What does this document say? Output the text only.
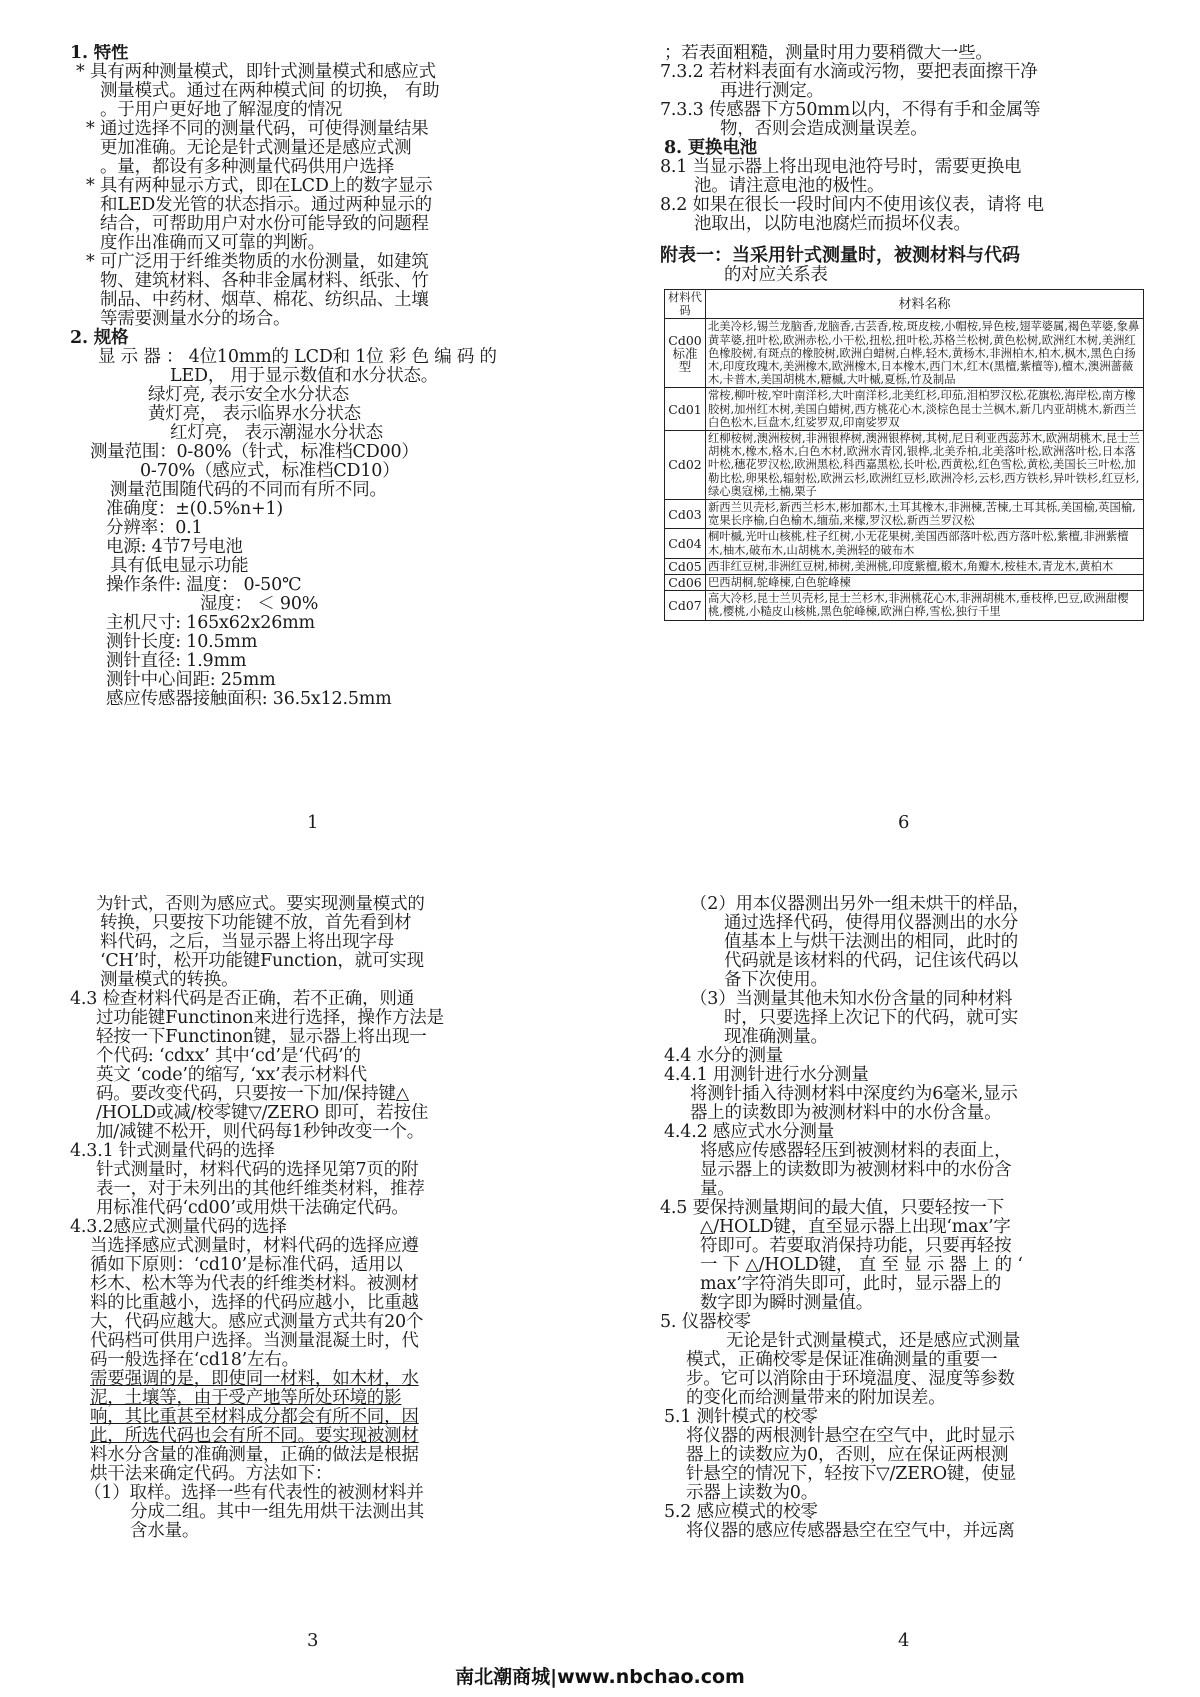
1. 特性
* 具有两种测量模式，即针式测量模式和感应式
测量模式。通过在两种模式间 的切换， 有助
。于用户更好地了解湿度的情况
* 通过选择不同的测量代码，可使得测量结果
更加准确。无论是针式测量还是感应式测
。量，都设有多种测量代码供用户选择
* 具有两种显示方式，即在LCD上的数字显示
和LED发光管的状态指示。通过两种显示的
结合，可帮助用户对水份可能导致的问题程
度作出准确而又可靠的判断。
* 可广泛用于纤维类物质的水份测量，如建筑
物、建筑材料、各种非金属材料、纸张、竹
制品、中药材、烟草、棉花、纺织品、土壤
等需要测量水分的场合。
2. 规格
显 示 器 ： 4位10mm的 LCD和 1位 彩 色 编 码 的
LED， 用于显示数值和水分状态。
绿灯亮, 表示安全水分状态
黄灯亮， 表示临界水分状态
红灯亮， 表示潮湿水分状态
测量范围：0-80%（针式，标准档CD00）
0-70%（感应式，标准档CD10）
测量范围随代码的不同而有所不同。
准确度：±(0.5%n+1)
分辨率：0.1
电源: 4节7号电池
具有低电显示功能
操作条件: 温度： 0-50℃
湿度： ＜ 90%
主机尺寸: 165x62x26mm
测针长度: 10.5mm
测针直径: 1.9mm
测针中心间距: 25mm
感应传感器接触面积: 36.5x12.5mm
1
；若表面粗糙，测量时用力要稍微大一些。
7.3.2 若材料表面有水滴或污物，要把表面擦干净
再进行测定。
7.3.3 传感器下方50mm以内，不得有手和金属等
物，否则会造成测量误差。
8. 更换电池
8.1 当显示器上将出现电池符号时，需要更换电
池。请注意电池的极性。
8.2 如果在很长一段时间内不使用该仪表，请将 电
池取出，以防电池腐烂而损坏仪表。
附表一：当采用针式测量时，被测材料与代码
的对应关系表
材料代码	材料名称
Cd00标准型	北美冷杉,锡兰龙脑香,龙脑香,古芸香,桉,斑皮桉,小帽桉,异色桉,翅苹婆属,褐色苹婆,象鼻黄苹婆,扭叶松,欧洲赤松,小干松,扭松,扭叶松,苏格兰松树,黄色松树,欧洲红木树,美洲红色橡胶树,有斑点的橡胶树,欧洲白蜡树,白桦,轻木,黄杨木,非洲柏木,柏木,枫木,黑色白扬木,印度玫瑰木,美洲橡木,欧洲橡木,日本橡木,西门木,红木(黑檀,紫檀等),檀木,澳洲蔷薇木,卡普木,美国胡桃木,糖槭,大叶槭,夏栎,竹及制品
Cd01	常桉,柳叶桉,窄叶南洋杉,大叶南洋杉,北美红杉,印茄,泪柏罗汉松,花旗松,海岸松,南方橡胶树,加州红木树,美国白蜡树,西方桃花心木,淡棕色昆士兰枫木,新几内亚胡桃木,新西兰白色松木,巨盘木,红娑罗双,印南娑罗双
Cd02	红柳桉树,澳洲桉树,非洲银桦树,澳洲银桦树,其树,尼日利亚西蕊苏木,欧洲胡桃木,昆士兰胡桃木,橡木,格木,白色木材,欧洲水青冈,银桦,北美乔柏,北美落叶松,欧洲落叶松,日本落叶松,穗花罗汉松,欧洲黑松,科西嘉黑松,长叶松,西黄松,红色雪松,黄松,美国长三叶松,加勒比松,卵果松,辐射松,欧洲云杉,欧洲红豆杉,欧洲冷杉,云杉,西方铁杉,异叶铁杉,红豆杉,绿心奥寇梯,土楠,栗子
Cd03	新西兰贝壳杉,新西兰杉木,彬加都木,土耳其橡木,非洲楝,苦楝,土耳其栎,美国榆,英国榆,宽果长序榆,白色榆木,缅茄,来檬,罗汉松,新西兰罗汉松
Cd04	桐叶槭,光叶山核桃,柱子红树,小无花果树,美国西部落叶松,西方落叶松,紫檀,非洲紫檀木,柚木,破布木,山胡桃木,美洲轻的破布木
Cd05	西非红豆树,非洲红豆树,柿树,美洲桃,印度紫檀,椴木,角瓣木,桉桂木,青龙木,黄柏木
Cd06	巴西胡桐,鸵峰楝,白色鸵峰楝
Cd07	高大冷杉,昆士兰贝壳杉,昆士兰杉木,非洲桃花心木,非洲胡桃木,垂枝桦,巴豆,欧洲甜樱桃,樱桃,小糙皮山核桃,黑色鸵峰楝,欧洲白桦,雪松,独行千里
6
为针式，否则为感应式。要实现测量模式的
转换，只要按下功能键不放，首先看到材
料代码，之后，当显示器上将出现字母
‘CH’时，松开功能键Function，就可实现
测量模式的转换。
4.3 检查材料代码是否正确，若不正确，则通
过功能键Functinon来进行选择，操作方法是
轻按一下Functinon键，显示器上将出现一
个代码: ‘cdxx’ 其中‘cd’是‘代码’的
英文 ‘code’的缩写, ‘xx’表示材料代
码。要改变代码，只要按一下加/保持键△
/HOLD或减/校零键▽/ZERO 即可，若按住
加/减键不松开，则代码每1秒钟改变一个。
4.3.1 针式测量代码的选择
针式测量时，材料代码的选择见第7页的附
表一，对于未列出的其他纤维类材料，推荐
用标准代码‘cd00’或用烘干法确定代码。
4.3.2感应式测量代码的选择
当选择感应式测量时，材料代码的选择应遵
循如下原则：‘cd10’是标准代码，适用以
杉木、松木等为代表的纤维类材料。被测材
料的比重越小，选择的代码应越小，比重越
大，代码应越大。感应式测量方式共有20个
代码档可供用户选择。当测量混凝土时，代
码一般选择在‘cd18’左右。
需要强调的是，即使同一材料，如木材，水
泥，土壤等，由于受产地等所处环境的影
响，其比重甚至材料成分都会有所不同，因
此，所选代码也会有所不同。要实现被测材
料水分含量的准确测量，正确的做法是根据
烘干法来确定代码。方法如下：
（1）取样。选择一些有代表性的被测材料并
分成二组。其中一组先用烘干法测出其
含水量。
3
（2）用本仪器测出另外一组未烘干的样品，
通过选择代码，使得用仪器测出的水分
值基本上与烘干法测出的相同，此时的
代码就是该材料的代码，记住该代码以
备下次使用。
（3）当测量其他未知水份含量的同种材料
时，只要选择上次记下的代码，就可实
现准确测量。
4.4 水分的测量
4.4.1 用测针进行水分测量
将测针插入待测材料中深度约为6毫米,显示
器上的读数即为被测材料中的水份含量。
4.4.2 感应式水分测量
将感应传感器轻压到被测材料的表面上，
显示器上的读数即为被测材料中的水份含
量。
4.5 要保持测量期间的最大值，只要轻按一下
△/HOLD键，直至显示器上出现‘max’字
符即可。若要取消保持功能，只要再轻按
一 下 △/HOLD键， 直 至 显 示 器 上 的 ‘
max’字符消失即可，此时，显示器上的
数字即为瞬时测量值。
5. 仪器校零
无论是针式测量模式，还是感应式测量
模式，正确校零是保证准确测量的重要一
步。它可以消除由于环境温度、湿度等参数
的变化而给测量带来的附加误差。
5.1 测针模式的校零
将仪器的两根测针悬空在空气中，此时显示
器上的读数应为0，否则，应在保证两根测
针悬空的情况下，轻按下▽/ZERO键，使显
示器上读数为0。
5.2 感应模式的校零
将仪器的感应传感器悬空在空气中，并远离
4
南北潮商城|www.nbchao.com
